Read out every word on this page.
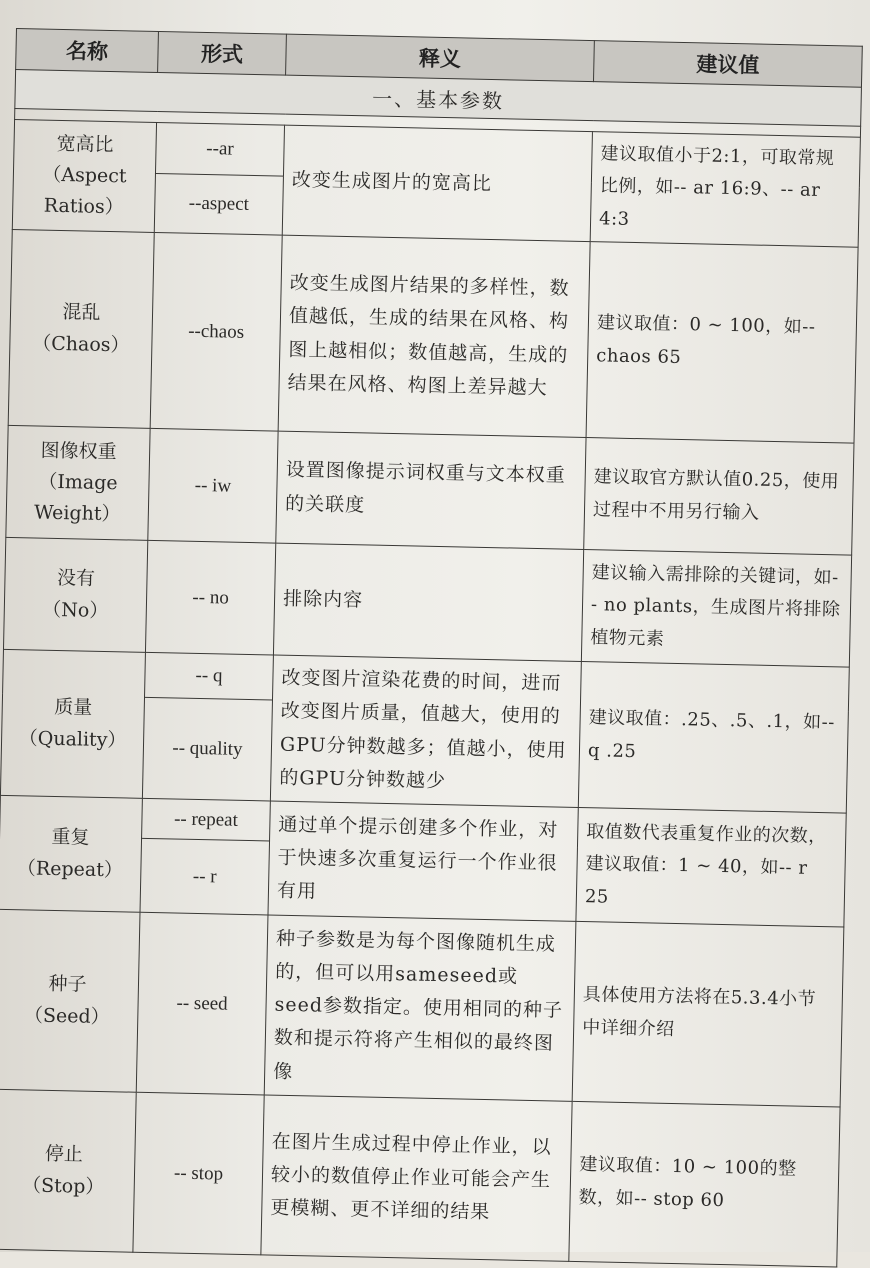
名称	形式	释义	建议值
一、基本参数			

宽高比
（Aspect Ratios）	--ar	改变生成图片的宽高比	建议取值小于2:1，可取常规比例，如-- ar 16:9、-- ar 4:3
	--aspect		

混乱
（Chaos）	--chaos	改变生成图片结果的多样性，数值越低，生成的结果在风格、构图上越相似；数值越高，生成的结果在风格、构图上差异越大	建议取值：0 ~ 100，如-- chaos 65

图像权重
（Image Weight）	-- iw	设置图像提示词权重与文本权重的关联度	建议取官方默认值0.25，使用过程中不用另行输入

没有
（No）	-- no	排除内容	建议输入需排除的关键词，如-- no plants，生成图片将排除植物元素

质量
（Quality）	-- q	改变图片渲染花费的时间，进而改变图片质量，值越大，使用的GPU分钟数越多；值越小，使用的GPU分钟数越少	建议取值：.25、.5、.1，如-- q .25
	-- quality		

重复
（Repeat）	-- repeat	通过单个提示创建多个作业，对于快速多次重复运行一个作业很有用	取值数代表重复作业的次数，建议取值：1 ~ 40，如-- r 25
	-- r		

种子
（Seed）	-- seed	种子参数是为每个图像随机生成的，但可以用sameseed或seed参数指定。使用相同的种子数和提示符将产生相似的最终图像	具体使用方法将在5.3.4小节中详细介绍

停止
（Stop）	-- stop	在图片生成过程中停止作业，以较小的数值停止作业可能会产生更模糊、更不详细的结果	建议取值：10 ~ 100的整数，如-- stop 60
